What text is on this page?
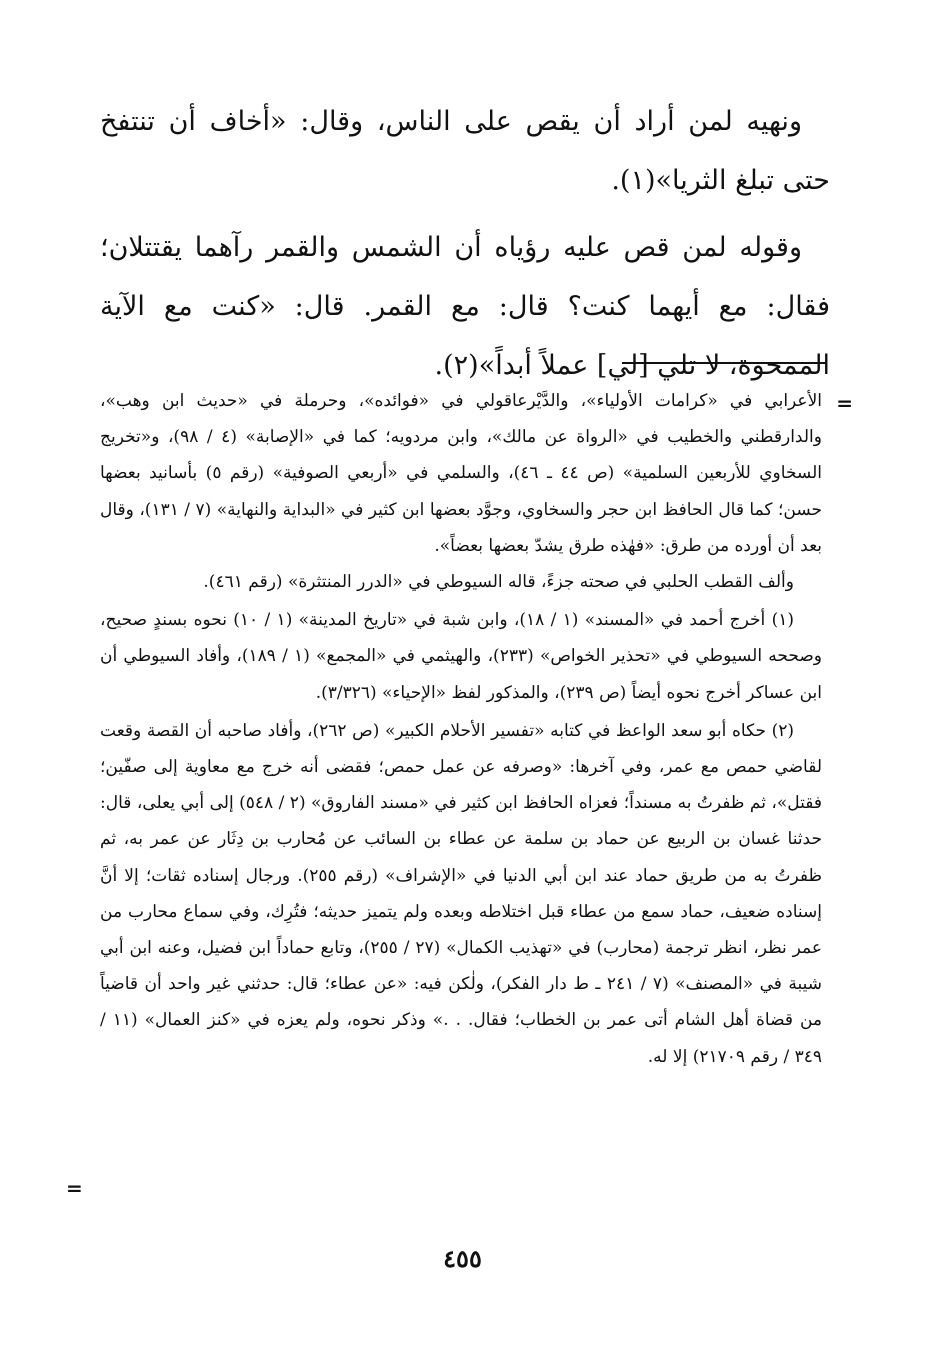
ونهيه لمن أراد أن يقص على الناس، وقال: «أخاف أن تنتفخ حتى تبلغ الثريا»(١).

وقوله لمن قص عليه رؤياه أن الشمس والقمر رآهما يقتتلان؛ فقال: مع أيهما كنت؟ قال: مع القمر. قال: «كنت مع الآية الممحوة، لا تلي [لي] عملاً أبداً»(٢).

=

الأعرابي في «كرامات الأولياء»، والدَّيْرعاقولي في «فوائده»، وحرملة في «حديث ابن وهب»، والدارقطني والخطيب في «الرواة عن مالك»، وابن مردويه؛ كما في «الإصابة» (٤ / ٩٨)، و«تخريج السخاوي للأربعين السلمية» (ص ٤٤ ـ ٤٦)، والسلمي في «أربعي الصوفية» (رقم ٥) بأسانيد بعضها حسن؛ كما قال الحافظ ابن حجر والسخاوي، وجوَّد بعضها ابن كثير في «البداية والنهاية» (٧ / ١٣١)، وقال بعد أن أورده من طرق: «فهٰذه طرق يشدّ بعضها بعضاً».

وألف القطب الحلبي في صحته جزءً، قاله السيوطي في «الدرر المنتثرة» (رقم ٤٦١).

(١) أخرج أحمد في «المسند» (١ / ١٨)، وابن شبة في «تاريخ المدينة» (١ / ١٠) نحوه بسندٍ صحيح، وصححه السيوطي في «تحذير الخواص» (٢٣٣)، والهيثمي في «المجمع» (١ / ١٨٩)، وأفاد السيوطي أن ابن عساكر أخرج نحوه أيضاً (ص ٢٣٩)، والمذكور لفظ «الإحياء» (٣/٣٢٦).

(٢) حكاه أبو سعد الواعظ في كتابه «تفسير الأحلام الكبير» (ص ٢٦٢)، وأفاد صاحبه أن القصة وقعت لقاضي حمص مع عمر، وفي آخرها: «وصرفه عن عمل حمص؛ فقضى أنه خرج مع معاوية إلى صفّين؛ فقتل»، ثم ظفرتُ به مسنداً؛ فعزاه الحافظ ابن كثير في «مسند الفاروق» (٢ / ٥٤٨) إلى أبي يعلى، قال: حدثنا غسان بن الربيع عن حماد بن سلمة عن عطاء بن السائب عن مُحارب بن دِثَار عن عمر به، ثم ظفرتُ به من طريق حماد عند ابن أبي الدنيا في «الإشراف» (رقم ٢٥٥). ورجال إسناده ثقات؛ إلا أنَّ إسناده ضعيف، حماد سمع من عطاء قبل اختلاطه وبعده ولم يتميز حديثه؛ فتُرِك، وفي سماع محارب من عمر نظر، انظر ترجمة (محارب) في «تهذيب الكمال» (٢٧ / ٢٥٥)، وتابع حماداً ابن فضيل، وعنه ابن أبي شيبة في «المصنف» (٧ / ٢٤١ ـ ط دار الفكر)، ولٰكن فيه: «عن عطاء؛ قال: حدثني غير واحد أن قاضياً من قضاة أهل الشام أتى عمر بن الخطاب؛ فقال. . .» وذكر نحوه، ولم يعزه في «كنز العمال» (١١ / ٣٤٩ / رقم ٢١٧٠٩) إلا له.

=
٤٥٥
